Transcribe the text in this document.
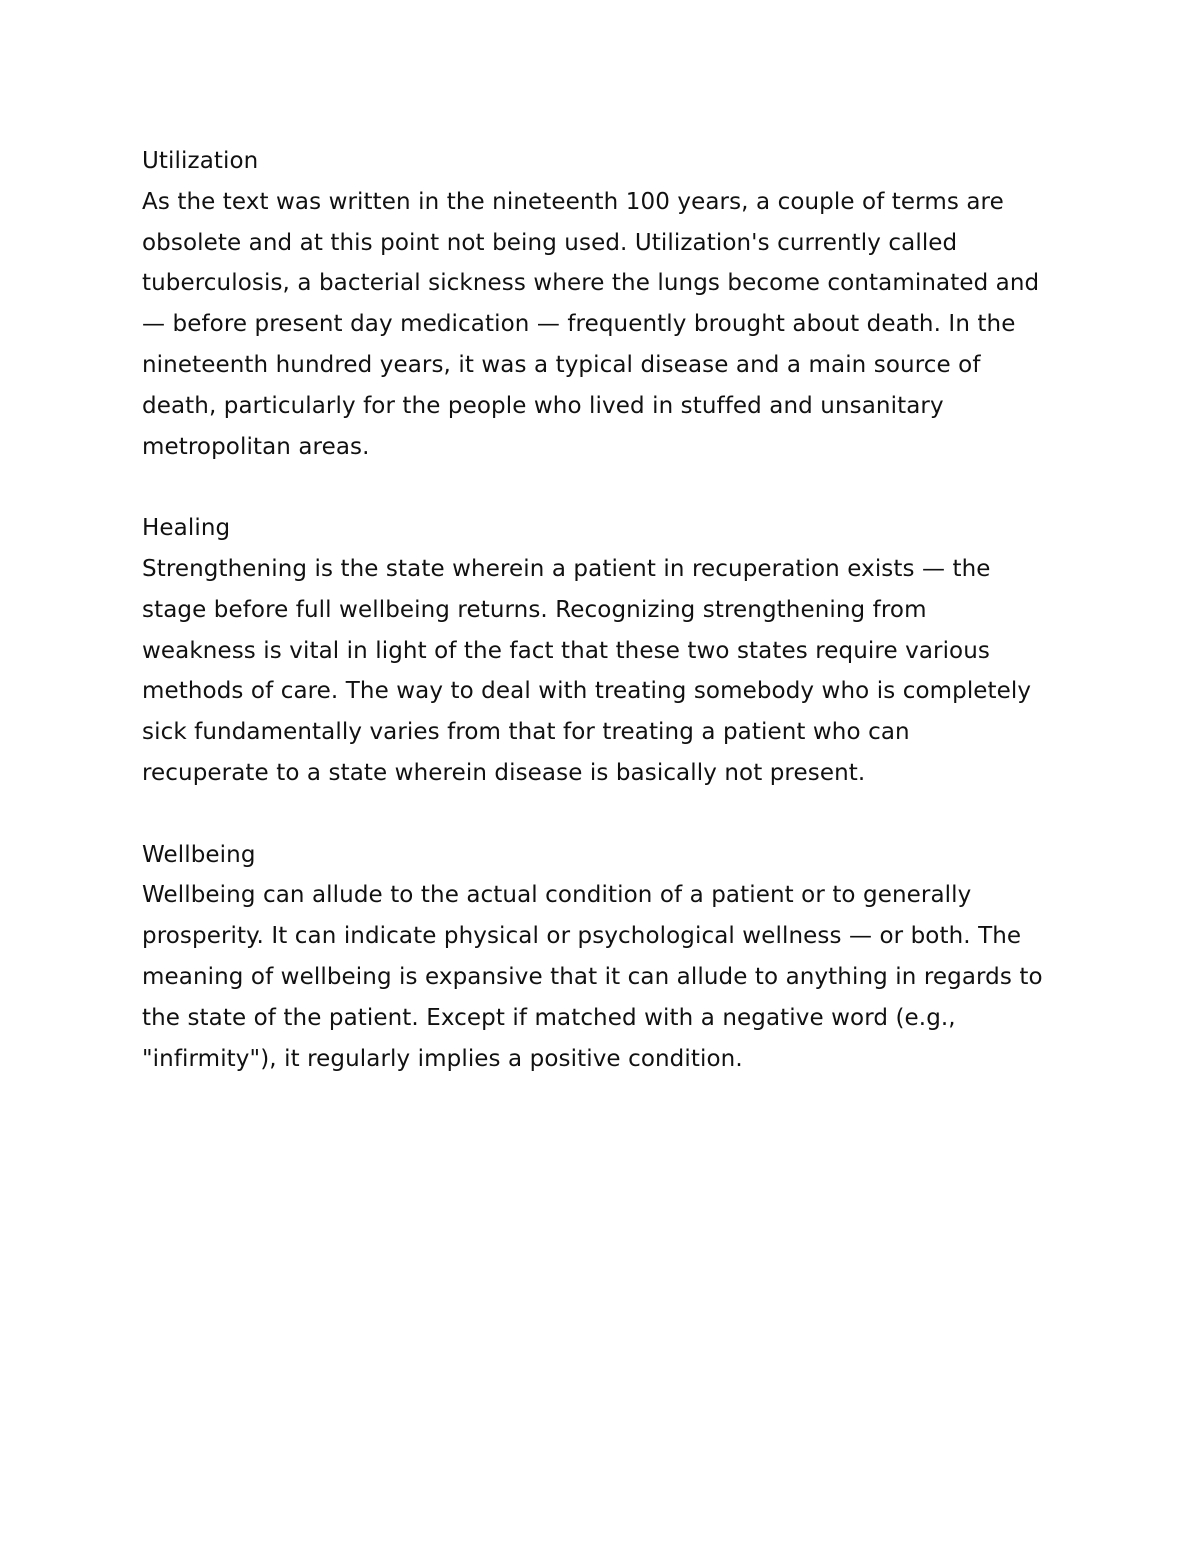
Utilization
As the text was written in the nineteenth 100 years, a couple of terms are
obsolete and at this point not being used. Utilization's currently called
tuberculosis, a bacterial sickness where the lungs become contaminated and
— before present day medication — frequently brought about death. In the
nineteenth hundred years, it was a typical disease and a main source of
death, particularly for the people who lived in stuffed and unsanitary
metropolitan areas.
Healing
Strengthening is the state wherein a patient in recuperation exists — the
stage before full wellbeing returns. Recognizing strengthening from
weakness is vital in light of the fact that these two states require various
methods of care. The way to deal with treating somebody who is completely
sick fundamentally varies from that for treating a patient who can
recuperate to a state wherein disease is basically not present.
Wellbeing
Wellbeing can allude to the actual condition of a patient or to generally
prosperity. It can indicate physical or psychological wellness — or both. The
meaning of wellbeing is expansive that it can allude to anything in regards to
the state of the patient. Except if matched with a negative word (e.g.,
"infirmity"), it regularly implies a positive condition.
